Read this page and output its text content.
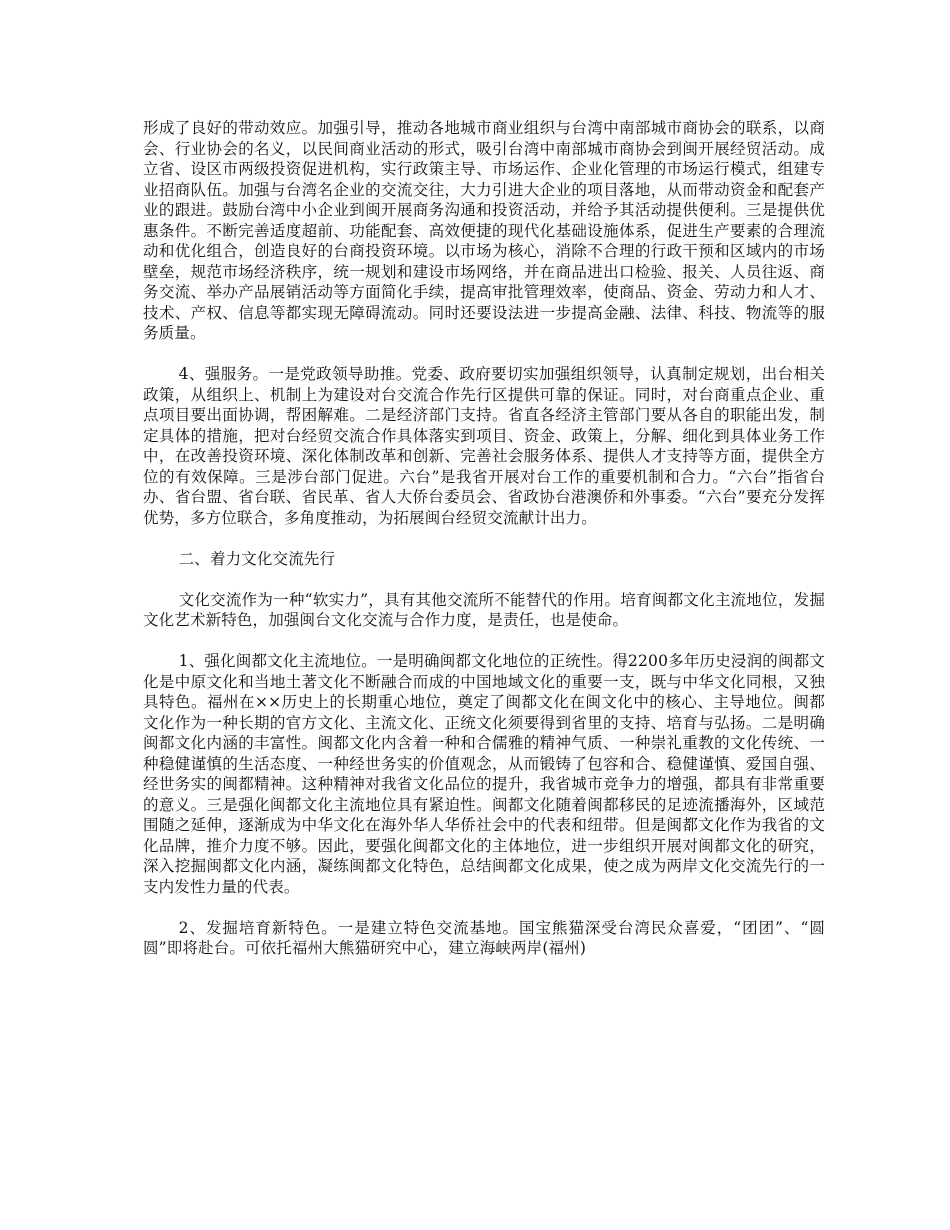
形成了良好的带动效应。加强引导，推动各地城市商业组织与台湾中南部城市商协会的联系，以商会、行业协会的名义，以民间商业活动的形式，吸引台湾中南部城市商协会到闽开展经贸活动。成立省、设区市两级投资促进机构，实行政策主导、市场运作、企业化管理的市场运行模式，组建专业招商队伍。加强与台湾名企业的交流交往，大力引进大企业的项目落地，从而带动资金和配套产业的跟进。鼓励台湾中小企业到闽开展商务沟通和投资活动，并给予其活动提供便利。三是提供优惠条件。不断完善适度超前、功能配套、高效便捷的现代化基础设施体系，促进生产要素的合理流动和优化组合，创造良好的台商投资环境。以市场为核心，消除不合理的行政干预和区域内的市场壁垒，规范市场经济秩序，统一规划和建设市场网络，并在商品进出口检验、报关、人员往返、商务交流、举办产品展销活动等方面简化手续，提高审批管理效率，使商品、资金、劳动力和人才、技术、产权、信息等都实现无障碍流动。同时还要设法进一步提高金融、法律、科技、物流等的服务质量。

4、强服务。一是党政领导助推。党委、政府要切实加强组织领导，认真制定规划，出台相关政策，从组织上、机制上为建设对台交流合作先行区提供可靠的保证。同时，对台商重点企业、重点项目要出面协调，帮困解难。二是经济部门支持。省直各经济主管部门要从各自的职能出发，制定具体的措施，把对台经贸交流合作具体落实到项目、资金、政策上，分解、细化到具体业务工作中，在改善投资环境、深化体制改革和创新、完善社会服务体系、提供人才支持等方面，提供全方位的有效保障。三是涉台部门促进。六台”是我省开展对台工作的重要机制和合力。“六台”指省台办、省台盟、省台联、省民革、省人大侨台委员会、省政协台港澳侨和外事委。“六台”要充分发挥优势，多方位联合，多角度推动，为拓展闽台经贸交流献计出力。

二、着力文化交流先行

文化交流作为一种“软实力”，具有其他交流所不能替代的作用。培育闽都文化主流地位，发掘文化艺术新特色，加强闽台文化交流与合作力度，是责任，也是使命。

1、强化闽都文化主流地位。一是明确闽都文化地位的正统性。得2200多年历史浸润的闽都文化是中原文化和当地土著文化不断融合而成的中国地域文化的重要一支，既与中华文化同根，又独具特色。福州在××历史上的长期重心地位，奠定了闽都文化在闽文化中的核心、主导地位。闽都文化作为一种长期的官方文化、主流文化、正统文化须要得到省里的支持、培育与弘扬。二是明确闽都文化内涵的丰富性。闽都文化内含着一种和合儒雅的精神气质、一种崇礼重教的文化传统、一种稳健谨慎的生活态度、一种经世务实的价值观念，从而锻铸了包容和合、稳健谨慎、爱国自强、经世务实的闽都精神。这种精神对我省文化品位的提升，我省城市竞争力的增强，都具有非常重要的意义。三是强化闽都文化主流地位具有紧迫性。闽都文化随着闽都移民的足迹流播海外，区域范围随之延伸，逐渐成为中华文化在海外华人华侨社会中的代表和纽带。但是闽都文化作为我省的文化品牌，推介力度不够。因此，要强化闽都文化的主体地位，进一步组织开展对闽都文化的研究，深入挖掘闽都文化内涵，凝练闽都文化特色，总结闽都文化成果，使之成为两岸文化交流先行的一支内发性力量的代表。

2、发掘培育新特色。一是建立特色交流基地。国宝熊猫深受台湾民众喜爱，“团团”、“圆圆”即将赴台。可依托福州大熊猫研究中心，建立海峡两岸(福州)
